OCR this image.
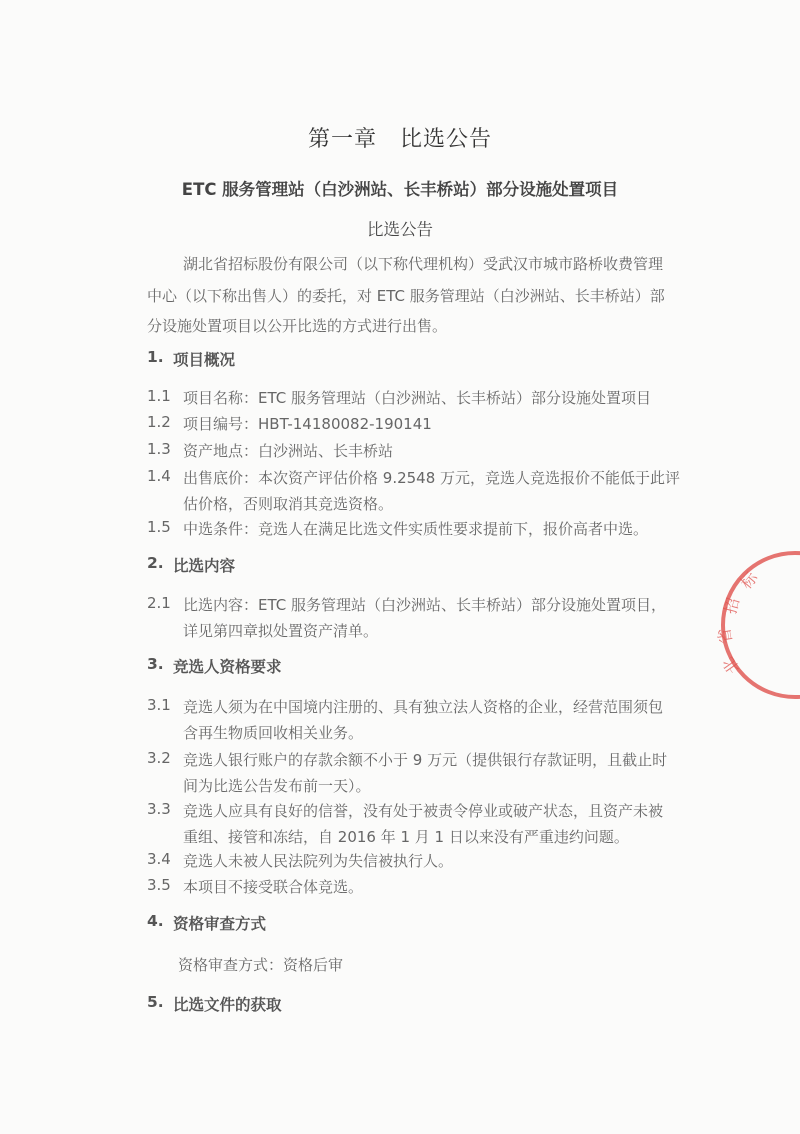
第一章　比选公告
ETC 服务管理站（白沙洲站、长丰桥站）部分设施处置项目
比选公告
湖北省招标股份有限公司（以下称代理机构）受武汉市城市路桥收费管理
中心（以下称出售人）的委托，对 ETC 服务管理站（白沙洲站、长丰桥站）部
分设施处置项目以公开比选的方式进行出售。
1. 项目概况
1.1 项目名称：ETC 服务管理站（白沙洲站、长丰桥站）部分设施处置项目
1.2 项目编号：HBT-14180082-190141
1.3 资产地点：白沙洲站、长丰桥站
1.4 出售底价：本次资产评估价格 9.2548 万元，竞选人竞选报价不能低于此评
估价格，否则取消其竞选资格。
1.5 中选条件：竞选人在满足比选文件实质性要求提前下，报价高者中选。
2. 比选内容
2.1 比选内容：ETC 服务管理站（白沙洲站、长丰桥站）部分设施处置项目，
详见第四章拟处置资产清单。
3. 竞选人资格要求
3.1 竞选人须为在中国境内注册的、具有独立法人资格的企业，经营范围须包
含再生物质回收相关业务。
3.2 竞选人银行账户的存款余额不小于 9 万元（提供银行存款证明，且截止时
间为比选公告发布前一天）。
3.3 竞选人应具有良好的信誉，没有处于被责令停业或破产状态，且资产未被
重组、接管和冻结，自 2016 年 1 月 1 日以来没有严重违约问题。
3.4 竞选人未被人民法院列为失信被执行人。
3.5 本项目不接受联合体竞选。
4. 资格审查方式
资格审查方式：资格后审
5. 比选文件的获取
标
招
省
北
